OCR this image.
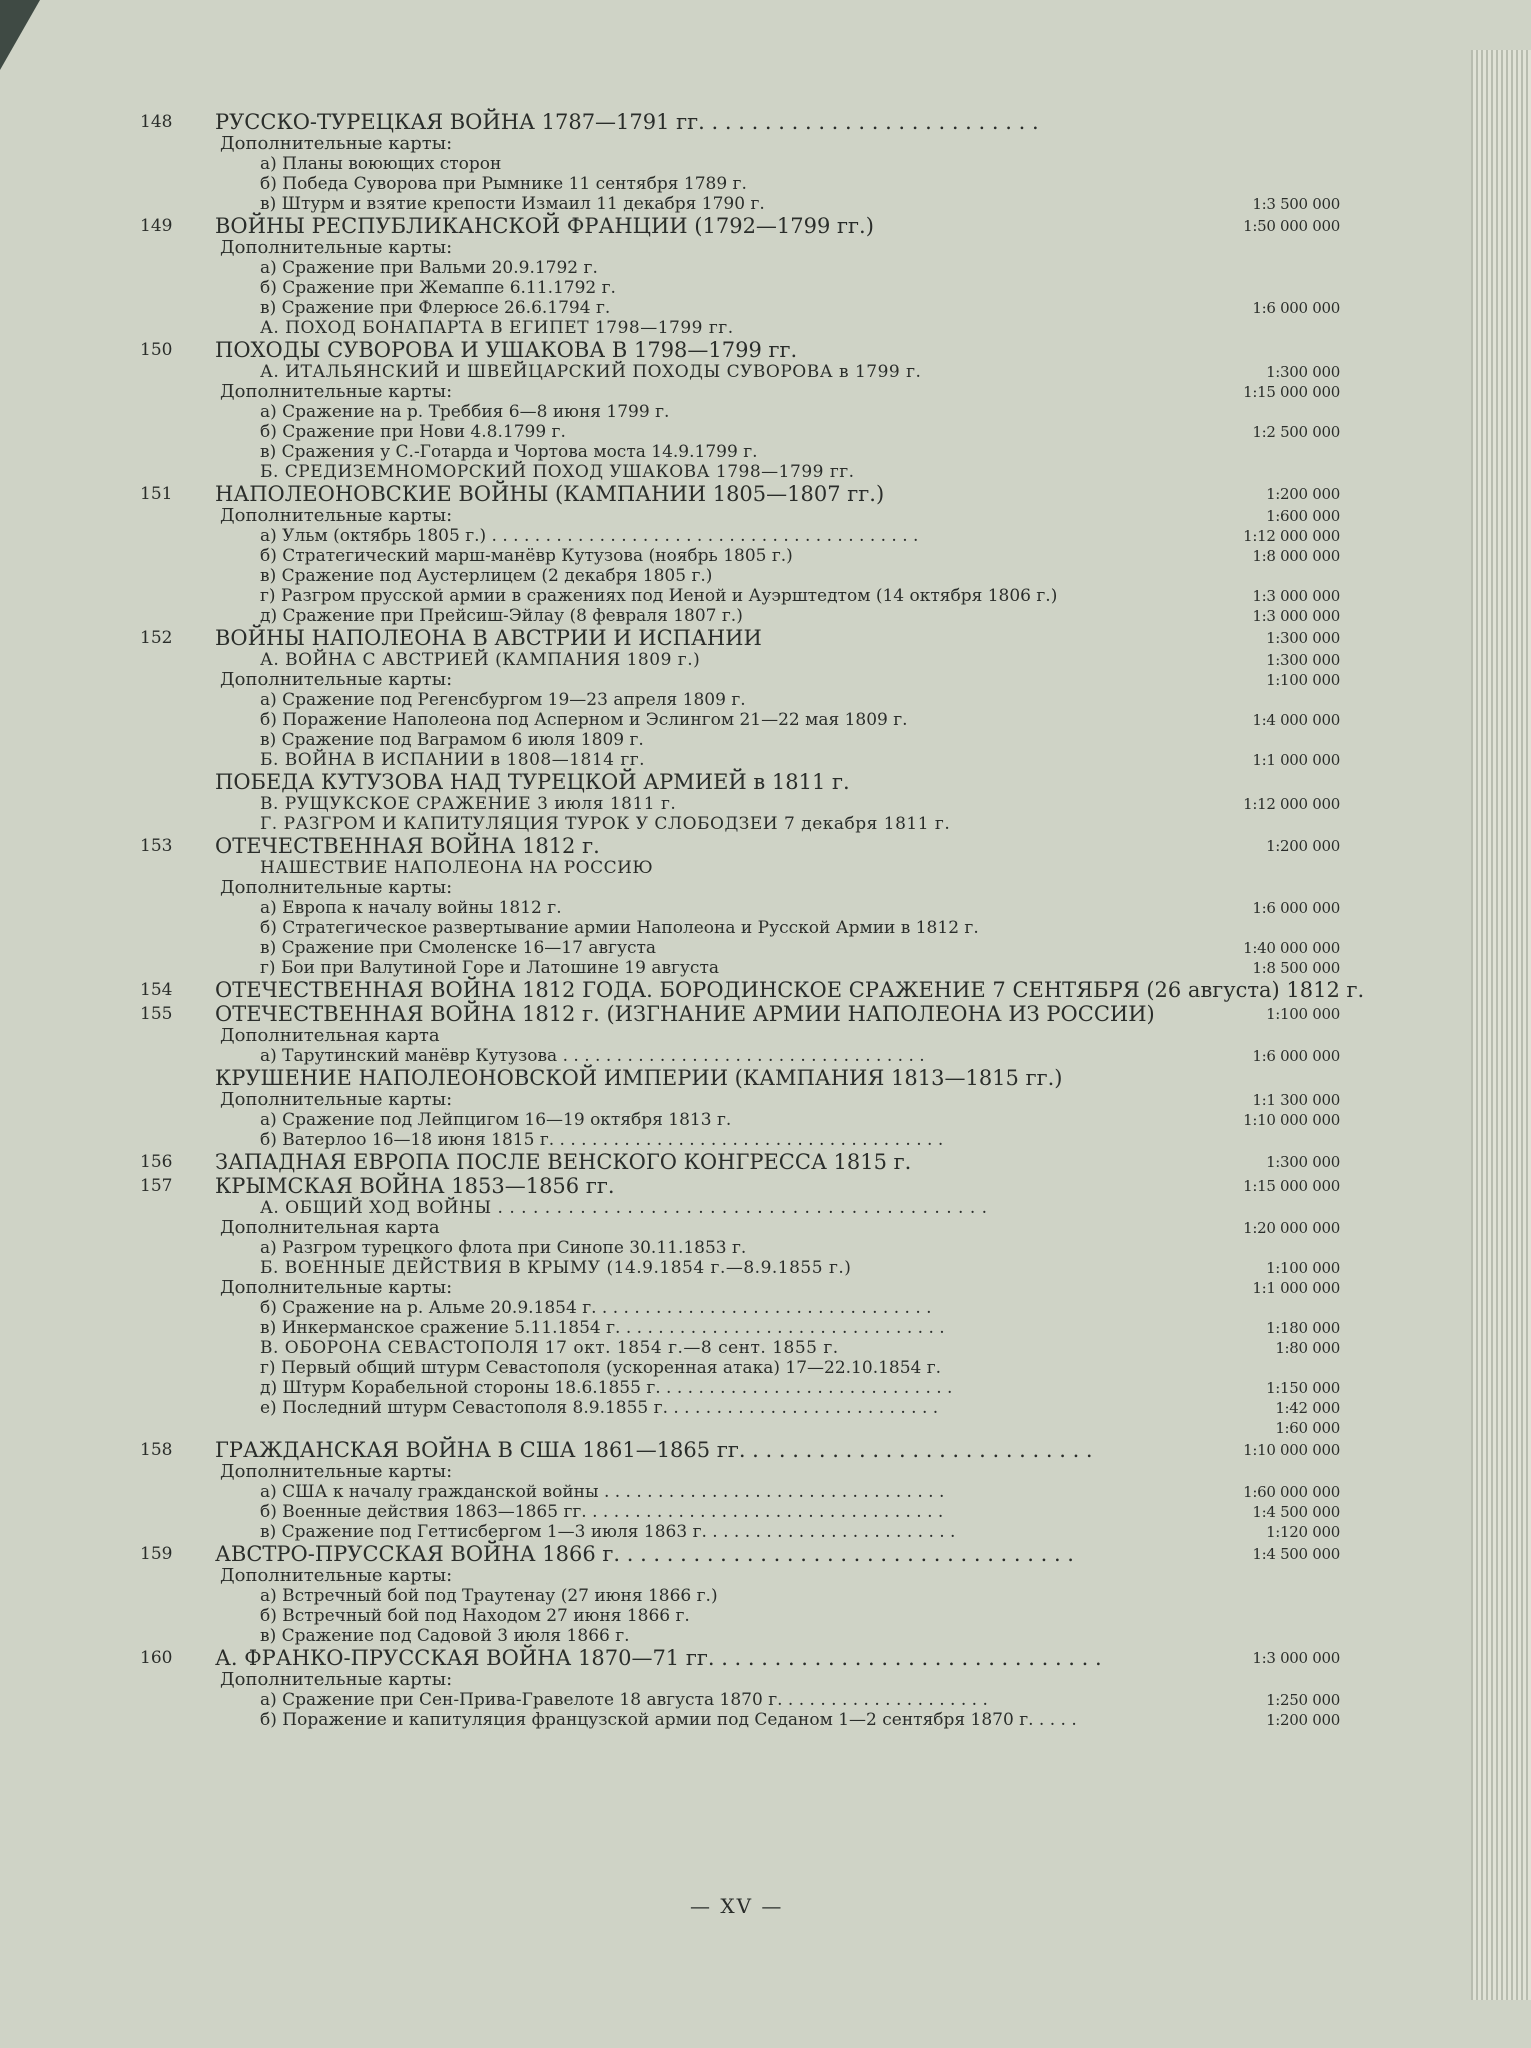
148 РУССКО-ТУРЕЦКАЯ ВОЙНА 1787—1791 гг. . . . . . . . . . . . . . . . . . . . . . . . . .
Дополнительные карты:
а) Планы воюющих сторон
б) Победа Суворова при Рымнике 11 сентября 1789 г.
в) Штурм и взятие крепости Измаил 11 декабря 1790 г.	1:3 500 000
149 ВОЙНЫ РЕСПУБЛИКАНСКОЙ ФРАНЦИИ (1792—1799 гг.)	1:50 000 000
Дополнительные карты:
а) Сражение при Вальми 20.9.1792 г.
б) Сражение при Жемаппе 6.11.1792 г.
в) Сражение при Флерюсе 26.6.1794 г.	1:6 000 000
А. ПОХОД БОНАПАРТА В ЕГИПЕТ 1798—1799 гг.
150 ПОХОДЫ СУВОРОВА И УШАКОВА В 1798—1799 гг.
А. ИТАЛЬЯНСКИЙ И ШВЕЙЦАРСКИЙ ПОХОДЫ СУВОРОВА в 1799 г.	1:300 000
Дополнительные карты:	1:15 000 000
а) Сражение на р. Треббия 6—8 июня 1799 г.
б) Сражение при Нови 4.8.1799 г.	1:2 500 000
в) Сражения у С.-Готарда и Чортова моста 14.9.1799 г.
Б. СРЕДИЗЕМНОМОРСКИЙ ПОХОД УШАКОВА 1798—1799 гг.
151 НАПОЛЕОНОВСКИЕ ВОЙНЫ (КАМПАНИИ 1805—1807 гг.)	1:200 000
Дополнительные карты:	1:600 000
а) Ульм (октябрь 1805 г.) . . . . . . . . . . . . . . . . . . . . . . . . . . . . . . . . . . . . . . . .	1:12 000 000
б) Стратегический марш-манёвр Кутузова (ноябрь 1805 г.)	1:8 000 000
в) Сражение под Аустерлицем (2 декабря 1805 г.)
г) Разгром прусской армии в сражениях под Иеной и Ауэрштедтом (14 октября 1806 г.)	1:3 000 000
д) Сражение при Прейсиш-Эйлау (8 февраля 1807 г.)	1:3 000 000
152 ВОЙНЫ НАПОЛЕОНА В АВСТРИИ И ИСПАНИИ	1:300 000
А. ВОЙНА С АВСТРИЕЙ (КАМПАНИЯ 1809 г.)	1:300 000
Дополнительные карты:	1:100 000
а) Сражение под Регенсбургом 19—23 апреля 1809 г.
б) Поражение Наполеона под Асперном и Эслингом 21—22 мая 1809 г.	1:4 000 000
в) Сражение под Ваграмом 6 июля 1809 г.
Б. ВОЙНА В ИСПАНИИ в 1808—1814 гг.	1:1 000 000
ПОБЕДА КУТУЗОВА НАД ТУРЕЦКОЙ АРМИЕЙ в 1811 г.
В. РУЩУКСКОЕ СРАЖЕНИЕ 3 июля 1811 г.	1:12 000 000
Г. РАЗГРОМ И КАПИТУЛЯЦИЯ ТУРОК У СЛОБОДЗЕИ 7 декабря 1811 г.
153 ОТЕЧЕСТВЕННАЯ ВОЙНА 1812 г.	1:200 000
НАШЕСТВИЕ НАПОЛЕОНА НА РОССИЮ
Дополнительные карты:
а) Европа к началу войны 1812 г.	1:6 000 000
б) Стратегическое развертывание армии Наполеона и Русской Армии в 1812 г.
в) Сражение при Смоленске 16—17 августа	1:40 000 000
г) Бои при Валутиной Горе и Латошине 19 августа	1:8 500 000
154 ОТЕЧЕСТВЕННАЯ ВОЙНА 1812 ГОДА. БОРОДИНСКОЕ СРАЖЕНИЕ 7 СЕНТЯБРЯ (26 августа) 1812 г.
155 ОТЕЧЕСТВЕННАЯ ВОЙНА 1812 г. (ИЗГНАНИЕ АРМИИ НАПОЛЕОНА ИЗ РОССИИ)	1:100 000
Дополнительная карта
а) Тарутинский манёвр Кутузова . . . . . . . . . . . . . . . . . . . . . . . . . . . . . . . . . .	1:6 000 000
КРУШЕНИЕ НАПОЛЕОНОВСКОЙ ИМПЕРИИ (КАМПАНИЯ 1813—1815 гг.)
Дополнительные карты:	1:1 300 000
а) Сражение под Лейпцигом 16—19 октября 1813 г.	1:10 000 000
б) Ватерлоо 16—18 июня 1815 г. . . . . . . . . . . . . . . . . . . . . . . . . . . . . . . . . . . . .
156 ЗАПАДНАЯ ЕВРОПА ПОСЛЕ ВЕНСКОГО КОНГРЕССА 1815 г.	1:300 000
157 КРЫМСКАЯ ВОЙНА 1853—1856 гг.	1:15 000 000
А. ОБЩИЙ ХОД ВОЙНЫ . . . . . . . . . . . . . . . . . . . . . . . . . . . . . . . . . . . . . . . . . .
Дополнительная карта	1:20 000 000
а) Разгром турецкого флота при Синопе 30.11.1853 г.
Б. ВОЕННЫЕ ДЕЙСТВИЯ В КРЫМУ (14.9.1854 г.—8.9.1855 г.)	1:100 000
Дополнительные карты:	1:1 000 000
б) Сражение на р. Альме 20.9.1854 г. . . . . . . . . . . . . . . . . . . . . . . . . . . . . . . .
в) Инкерманское сражение 5.11.1854 г. . . . . . . . . . . . . . . . . . . . . . . . . . . . . . .	1:180 000
В. ОБОРОНА СЕВАСТОПОЛЯ 17 окт. 1854 г.—8 сент. 1855 г.	1:80 000
г) Первый общий штурм Севастополя (ускоренная атака) 17—22.10.1854 г.
д) Штурм Корабельной стороны 18.6.1855 г. . . . . . . . . . . . . . . . . . . . . . . . . . . .	1:150 000
е) Последний штурм Севастополя 8.9.1855 г. . . . . . . . . . . . . . . . . . . . . . . . . .	1:42 000
1:60 000
158 ГРАЖДАНСКАЯ ВОЙНА В США 1861—1865 гг. . . . . . . . . . . . . . . . . . . . . . . . . . .	1:10 000 000
Дополнительные карты:
а) США к началу гражданской войны . . . . . . . . . . . . . . . . . . . . . . . . . . . . . . . .	1:60 000 000
б) Военные действия 1863—1865 гг. . . . . . . . . . . . . . . . . . . . . . . . . . . . . . . . . .	1:4 500 000
в) Сражение под Геттисбергом 1—3 июля 1863 г. . . . . . . . . . . . . . . . . . . . . . . .	1:120 000
159 АВСТРО-ПРУССКАЯ ВОЙНА 1866 г. . . . . . . . . . . . . . . . . . . . . . . . . . . . . . . . . . .	1:4 500 000
Дополнительные карты:
а) Встречный бой под Траутенау (27 июня 1866 г.)
б) Встречный бой под Находом 27 июня 1866 г.
в) Сражение под Садовой 3 июля 1866 г.
160 А. ФРАНКО-ПРУССКАЯ ВОЙНА 1870—71 гг. . . . . . . . . . . . . . . . . . . . . . . . . . . . . .	1:3 000 000
Дополнительные карты:
а) Сражение при Сен-Прива-Гравелоте 18 августа 1870 г. . . . . . . . . . . . . . . . . . . .	1:250 000
б) Поражение и капитуляция французской армии под Седаном 1—2 сентября 1870 г. . . . .	1:200 000
— XV —
